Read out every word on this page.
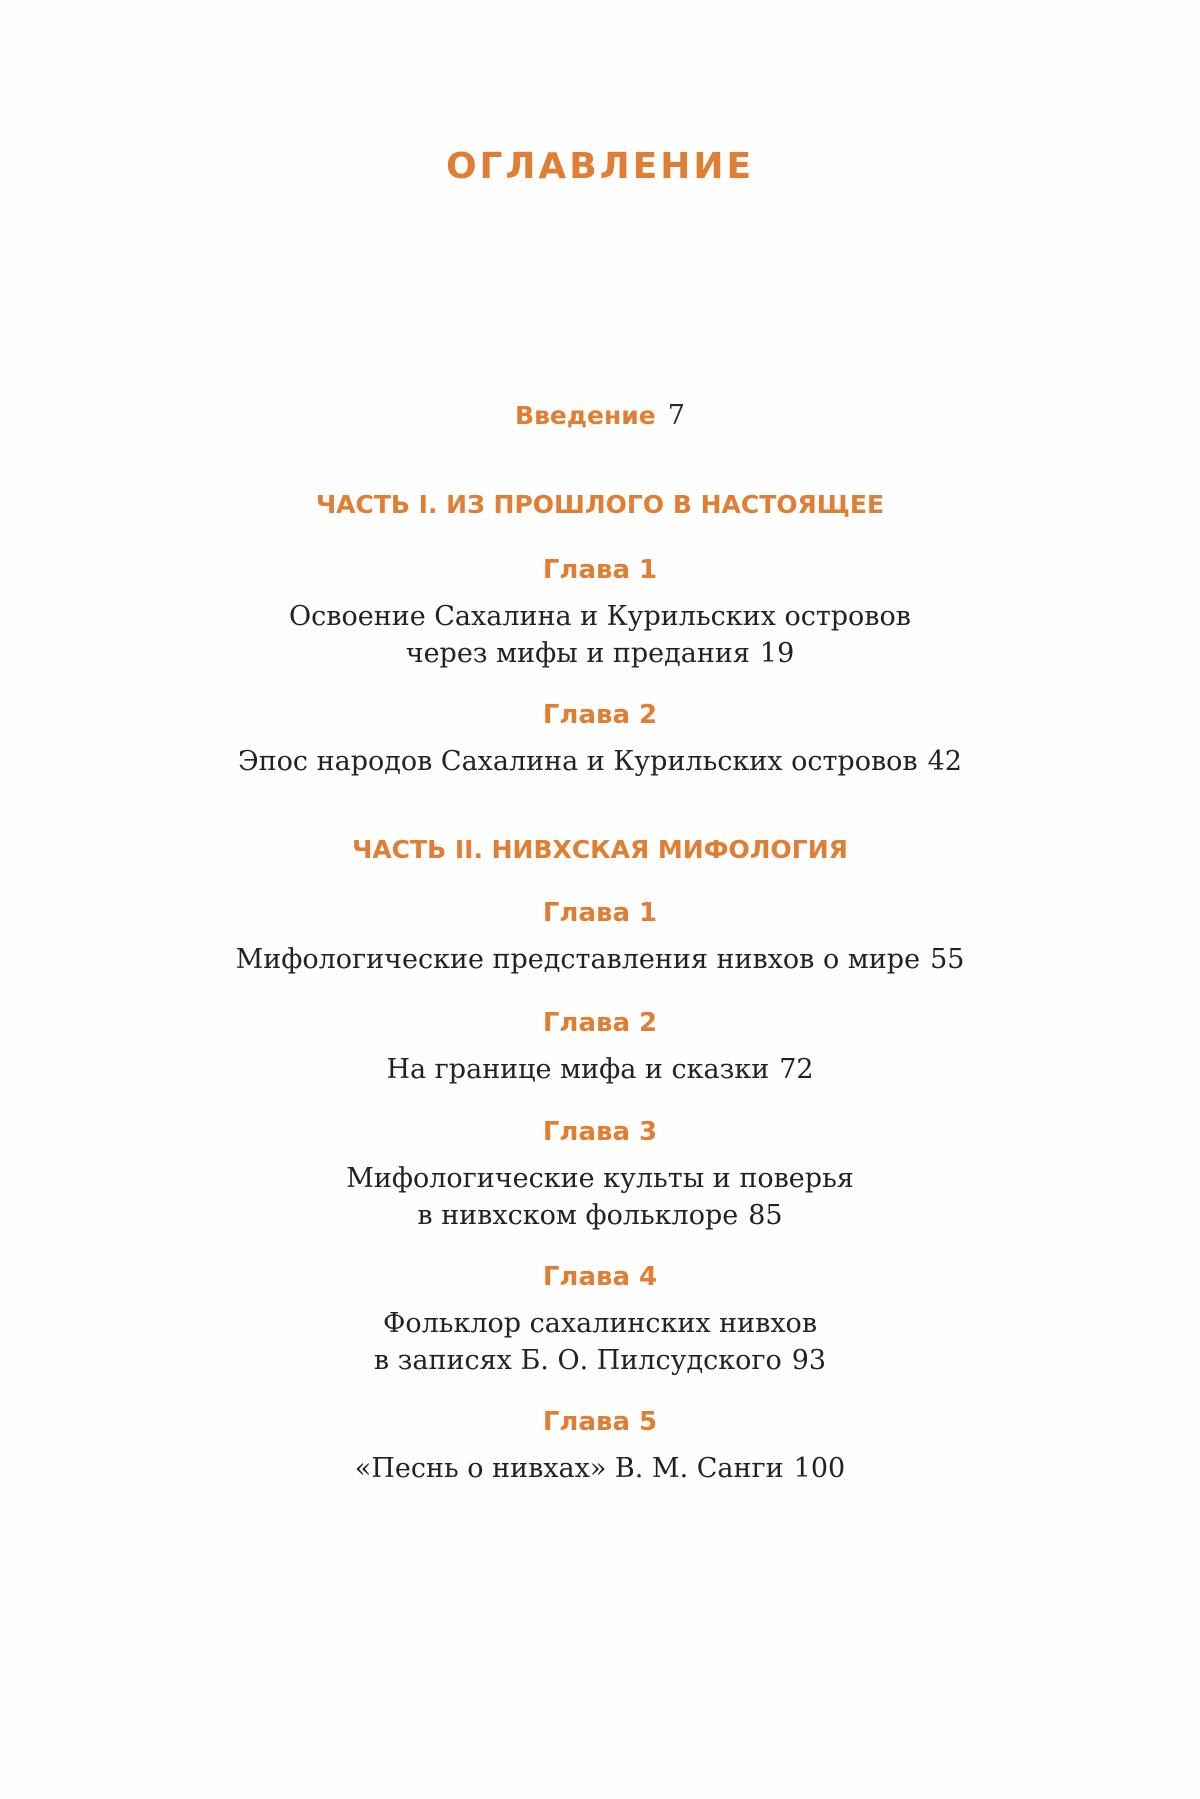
ОГЛАВЛЕНИЕ
Введение 7
ЧАСТЬ I. ИЗ ПРОШЛОГО В НАСТОЯЩЕЕ
Глава 1
Освоение Сахалина и Курильских островов
через мифы и предания 19
Глава 2
Эпос народов Сахалина и Курильских островов 42
ЧАСТЬ II. НИВХСКАЯ МИФОЛОГИЯ
Глава 1
Мифологические представления нивхов о мире 55
Глава 2
На границе мифа и сказки 72
Глава 3
Мифологические культы и поверья
в нивхском фольклоре 85
Глава 4
Фольклор сахалинских нивхов
в записях Б. О. Пилсудского 93
Глава 5
«Песнь о нивхах» В. М. Санги 100
